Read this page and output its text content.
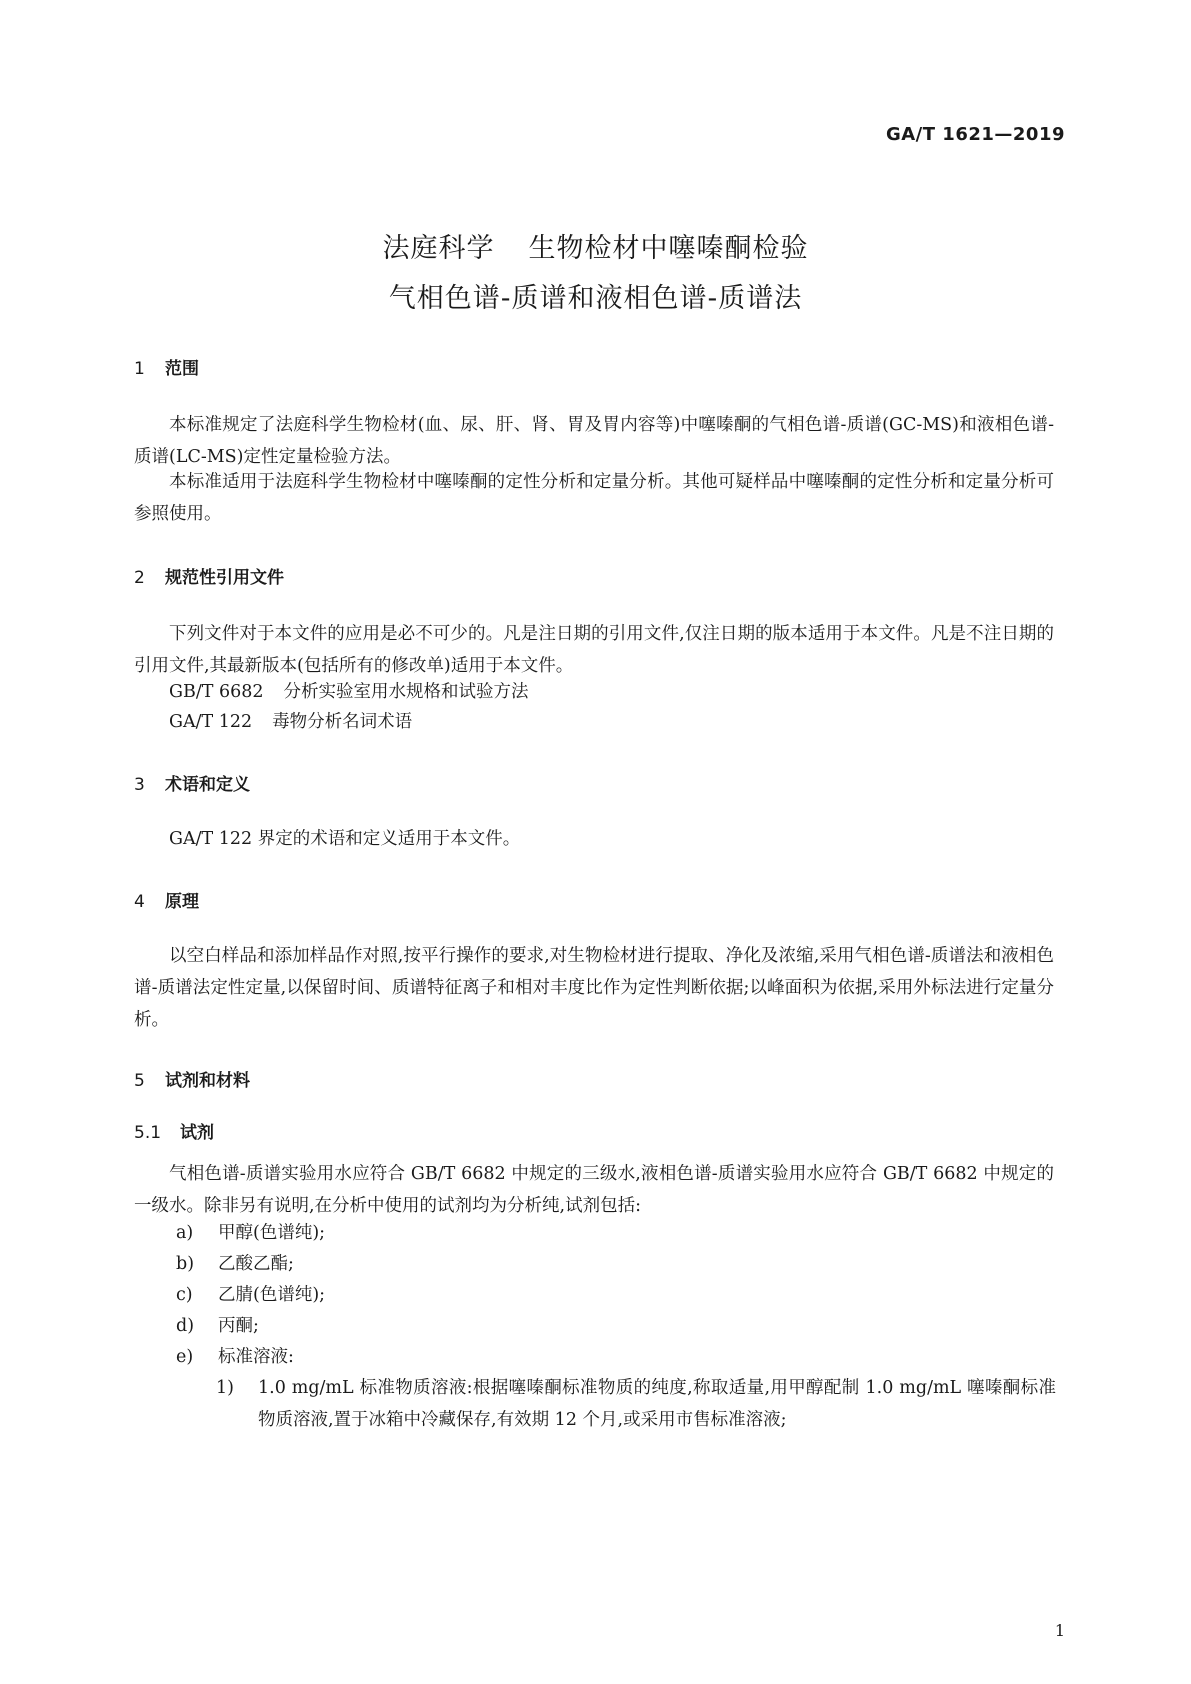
GA/T 1621—2019
法庭科学 生物检材中噻嗪酮检验
气相色谱-质谱和液相色谱-质谱法
1 范围

本标准规定了法庭科学生物检材(血、尿、肝、肾、胃及胃内容等)中噻嗪酮的气相色谱-质谱(GC-MS)和液相色谱-质谱(LC-MS)定性定量检验方法。

本标准适用于法庭科学生物检材中噻嗪酮的定性分析和定量分析。其他可疑样品中噻嗪酮的定性分析和定量分析可参照使用。

2 规范性引用文件

下列文件对于本文件的应用是必不可少的。凡是注日期的引用文件,仅注日期的版本适用于本文件。凡是不注日期的引用文件,其最新版本(包括所有的修改单)适用于本文件。

GB/T 6682 分析实验室用水规格和试验方法
GA/T 122 毒物分析名词术语
3 术语和定义

GA/T 122 界定的术语和定义适用于本文件。

4 原理

以空白样品和添加样品作对照,按平行操作的要求,对生物检材进行提取、净化及浓缩,采用气相色谱-质谱法和液相色谱-质谱法定性定量,以保留时间、质谱特征离子和相对丰度比作为定性判断依据;以峰面积为依据,采用外标法进行定量分析。

5 试剂和材料
5.1 试剂

气相色谱-质谱实验用水应符合 GB/T 6682 中规定的三级水,液相色谱-质谱实验用水应符合 GB/T 6682 中规定的一级水。除非另有说明,在分析中使用的试剂均为分析纯,试剂包括:

a) 甲醇(色谱纯);
b) 乙酸乙酯;
c) 乙腈(色谱纯);
d) 丙酮;
e) 标准溶液:
1)	1.0 mg/mL 标准物质溶液:根据噻嗪酮标准物质的纯度,称取适量,用甲醇配制 1.0 mg/mL 噻嗪酮标准物质溶液,置于冰箱中冷藏保存,有效期 12 个月,或采用市售标准溶液;
1
